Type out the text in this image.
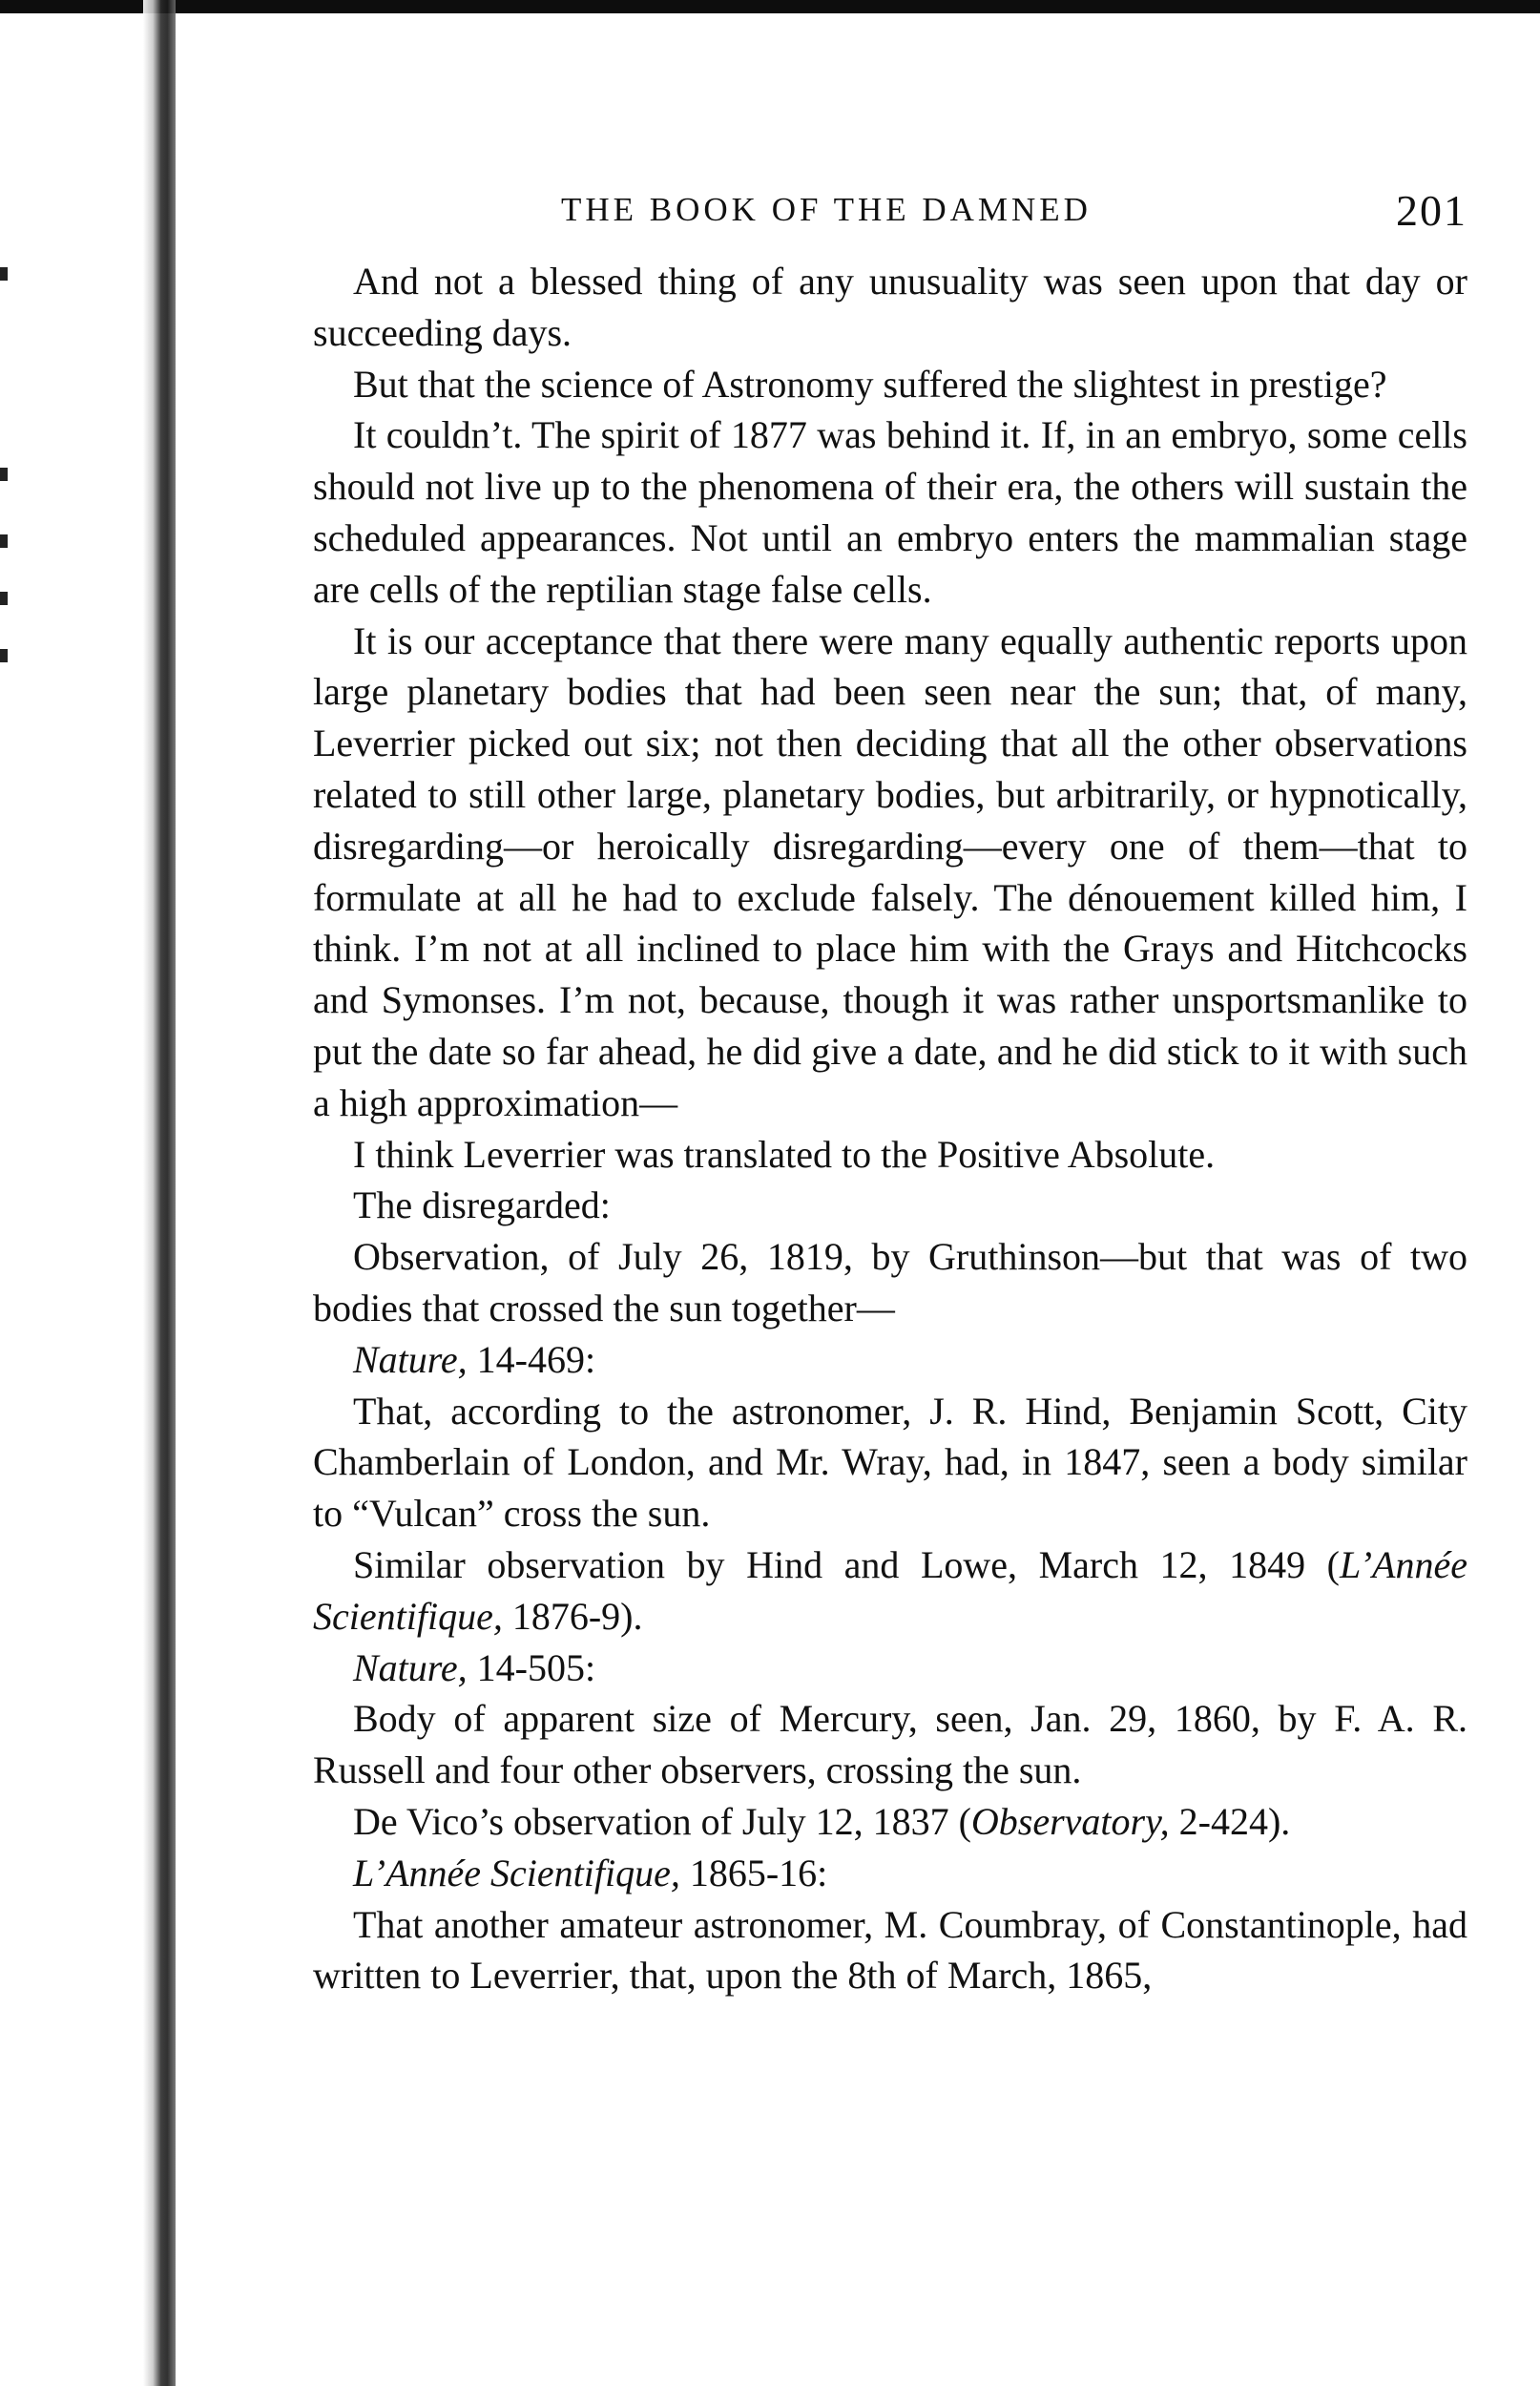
THE BOOK OF THE DAMNED	201

And not a blessed thing of any unusuality was seen upon that day or succeeding days.

But that the science of Astronomy suffered the slightest in prestige?

It couldn’t. The spirit of 1877 was behind it. If, in an embryo, some cells should not live up to the phenomena of their era, the others will sustain the scheduled appearances. Not until an embryo enters the mammalian stage are cells of the reptilian stage false cells.

It is our acceptance that there were many equally authentic reports upon large planetary bodies that had been seen near the sun; that, of many, Leverrier picked out six; not then deciding that all the other observations related to still other large, planetary bodies, but arbitrarily, or hypnotically, disregarding—or heroically disregarding—every one of them—that to formulate at all he had to exclude falsely. The dénouement killed him, I think. I’m not at all inclined to place him with the Grays and Hitchcocks and Symonses. I’m not, because, though it was rather unsportsmanlike to put the date so far ahead, he did give a date, and he did stick to it with such a high approximation—

I think Leverrier was translated to the Positive Absolute.

The disregarded:

Observation, of July 26, 1819, by Gruthinson—but that was of two bodies that crossed the sun together—

Nature, 14-469:

That, according to the astronomer, J. R. Hind, Benjamin Scott, City Chamberlain of London, and Mr. Wray, had, in 1847, seen a body similar to “Vulcan” cross the sun.

Similar observation by Hind and Lowe, March 12, 1849 (L’Année Scientifique, 1876-9).

Nature, 14-505:

Body of apparent size of Mercury, seen, Jan. 29, 1860, by F. A. R. Russell and four other observers, crossing the sun.

De Vico’s observation of July 12, 1837 (Observatory, 2-424).

L’Année Scientifique, 1865-16:

That another amateur astronomer, M. Coumbray, of Constantinople, had written to Leverrier, that, upon the 8th of March, 1865,
